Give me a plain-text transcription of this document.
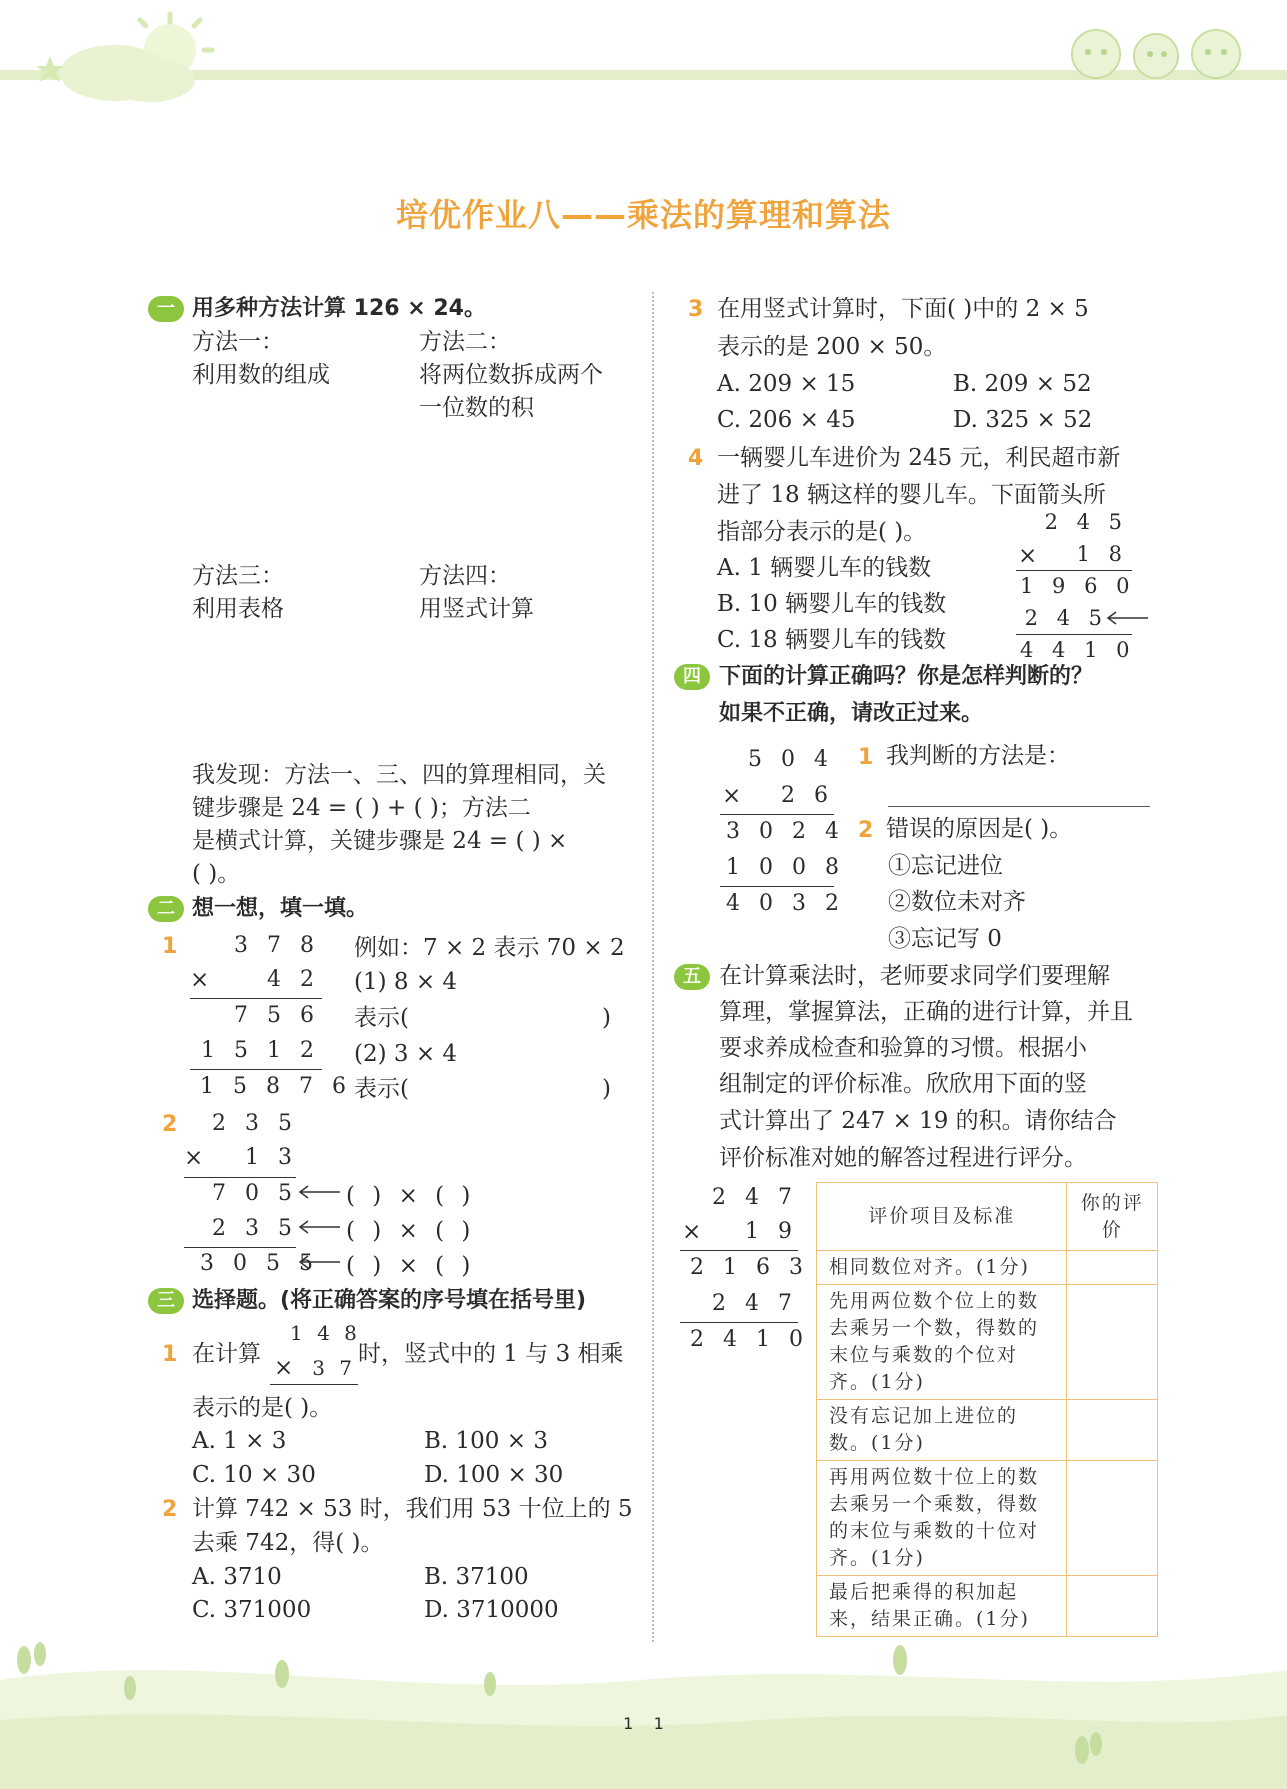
培优作业八——乘法的算理和算法
一 用多种方法计算 126 × 24。
方法一：
利用数的组成
方法二：
将两位数拆成两个
一位数的积
方法三：
利用表格
方法四：
用竖式计算
我发现：方法一、三、四的算理相同，关
键步骤是 24 = ( ) + ( )；方法二
是横式计算，关键步骤是 24 = ( ) ×
( )。
二 想一想，填一填。
1	3 7 8
×	4 2
7 5 6
1 5 1 2
1 5 8 7 6
例如：7 × 2 表示 70 × 2
(1) 8 × 4
表示(	)
(2) 3 × 4
表示(	)
2	2 3 5
×	1 3
7 0 5
2 3 5
3 0 5 5
( ) × ( )
( ) × ( )
( ) × ( )
三 选择题。(将正确答案的序号填在括号里)
1 在计算
1 4 8
× 3 7
时，竖式中的 1 与 3 相乘
表示的是( )。
A. 1 × 3	B. 100 × 3
C. 10 × 30	D. 100 × 30
2 计算 742 × 53 时，我们用 53 十位上的 5
去乘 742，得( )。
A. 3710	B. 37100
C. 371000	D. 3710000
3 在用竖式计算时，下面( )中的 2 × 5
表示的是 200 × 50。
A. 209 × 15	B. 209 × 52
C. 206 × 45	D. 325 × 52
4 一辆婴儿车进价为 245 元，利民超市新
进了 18 辆这样的婴儿车。下面箭头所
指部分表示的是( )。
A. 1 辆婴儿车的钱数
B. 10 辆婴儿车的钱数
C. 18 辆婴儿车的钱数
2 4 5
×	1 8
1 9 6 0
2 4 5
4 4 1 0
四 下面的计算正确吗？你是怎样判断的？
如果不正确，请改正过来。
5 0 4
×	2 6
3 0 2 4
1 0 0 8
4 0 3 2
1 我判断的方法是：
2 错误的原因是( )。
①忘记进位
②数位未对齐
③忘记写 0
五 在计算乘法时，老师要求同学们要理解
算理，掌握算法，正确的进行计算，并且
要求养成检查和验算的习惯。根据小
组制定的评价标准。欣欣用下面的竖
式计算出了 247 × 19 的积。请你结合
评价标准对她的解答过程进行评分。
2 4 7
×	1 9
2 1 6 3
2 4 7
2 4 1 0
评价项目及标准	你的评价
相同数位对齐。(1分)	
先用两位数个位上的数去乘另一个数，得数的末位与乘数的个位对齐。(1分)	
没有忘记加上进位的数。(1分)	
再用两位数十位上的数去乘另一个乘数，得数的末位与乘数的十位对齐。(1分)	
最后把乘得的积加起来，结果正确。(1分)	
1    1
